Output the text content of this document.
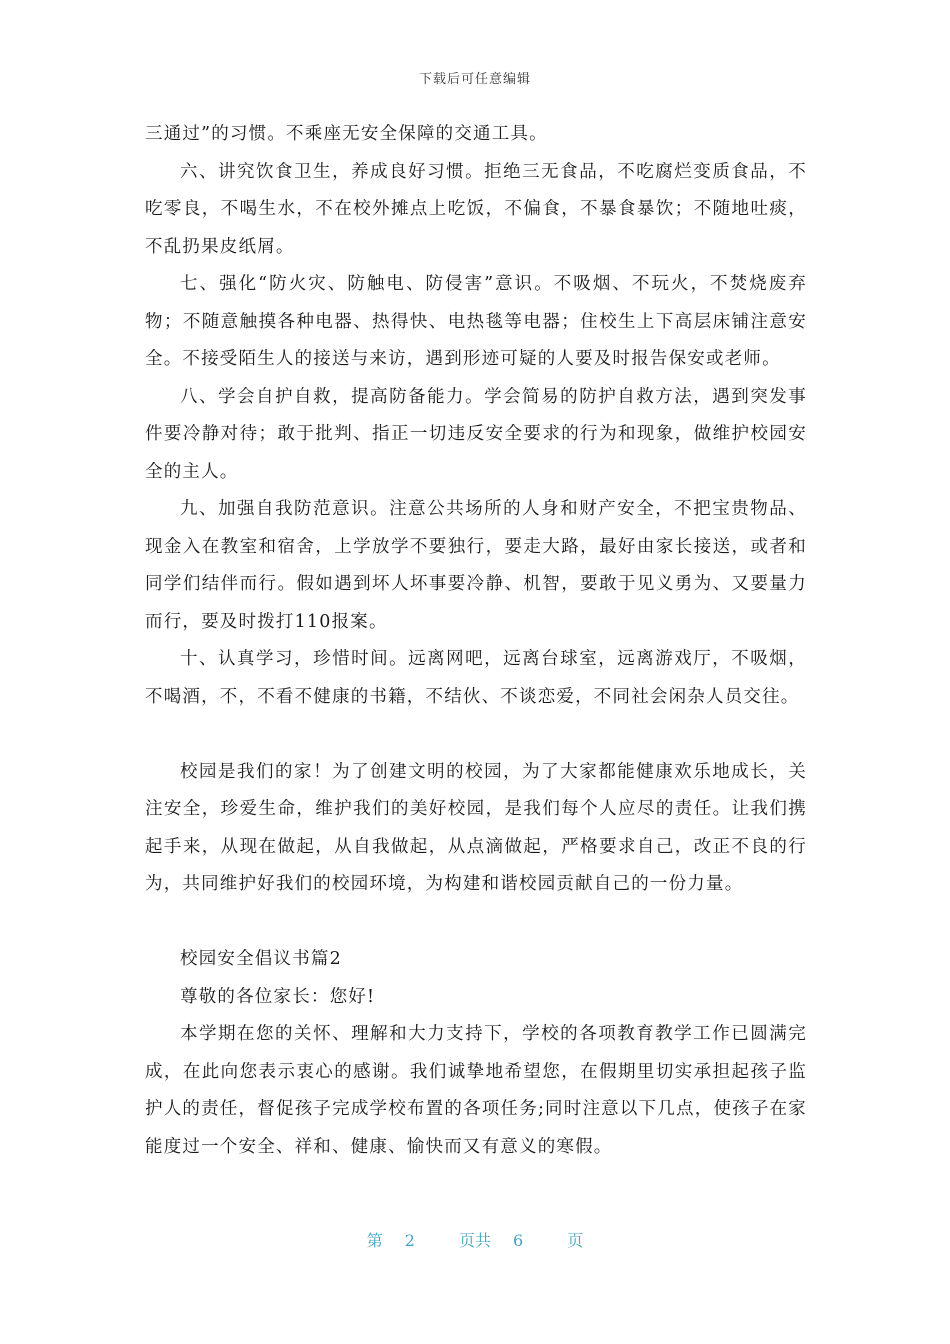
下载后可任意编辑

三通过”的习惯。不乘座无安全保障的交通工具。

六、讲究饮食卫生，养成良好习惯。拒绝三无食品，不吃腐烂变质食品，不吃零良，不喝生水，不在校外摊点上吃饭，不偏食，不暴食暴饮；不随地吐痰，不乱扔果皮纸屑。

七、强化“防火灾、防触电、防侵害”意识。不吸烟、不玩火，不焚烧废弃物；不随意触摸各种电器、热得快、电热毯等电器；住校生上下高层床铺注意安全。不接受陌生人的接送与来访，遇到形迹可疑的人要及时报告保安或老师。

八、学会自护自救，提高防备能力。学会简易的防护自救方法，遇到突发事件要冷静对待；敢于批判、指正一切违反安全要求的行为和现象，做维护校园安全的主人。

九、加强自我防范意识。注意公共场所的人身和财产安全，不把宝贵物品、现金入在教室和宿舍，上学放学不要独行，要走大路，最好由家长接送，或者和同学们结伴而行。假如遇到坏人坏事要冷静、机智，要敢于见义勇为、又要量力而行，要及时拨打110报案。

十、认真学习，珍惜时间。远离网吧，远离台球室，远离游戏厅，不吸烟，不喝酒，不，不看不健康的书籍，不结伙、不谈恋爱，不同社会闲杂人员交往。

校园是我们的家！为了创建文明的校园，为了大家都能健康欢乐地成长，关注安全，珍爱生命，维护我们的美好校园，是我们每个人应尽的责任。让我们携起手来，从现在做起，从自我做起，从点滴做起，严格要求自己，改正不良的行为，共同维护好我们的校园环境，为构建和谐校园贡献自己的一份力量。

校园安全倡议书篇2

尊敬的各位家长：您好!

本学期在您的关怀、理解和大力支持下，学校的各项教育教学工作已圆满完成，在此向您表示衷心的感谢。我们诚挚地希望您，在假期里切实承担起孩子监护人的责任，督促孩子完成学校布置的各项任务;同时注意以下几点，使孩子在家能度过一个安全、祥和、健康、愉快而又有意义的寒假。

第 2	页共 6	页
